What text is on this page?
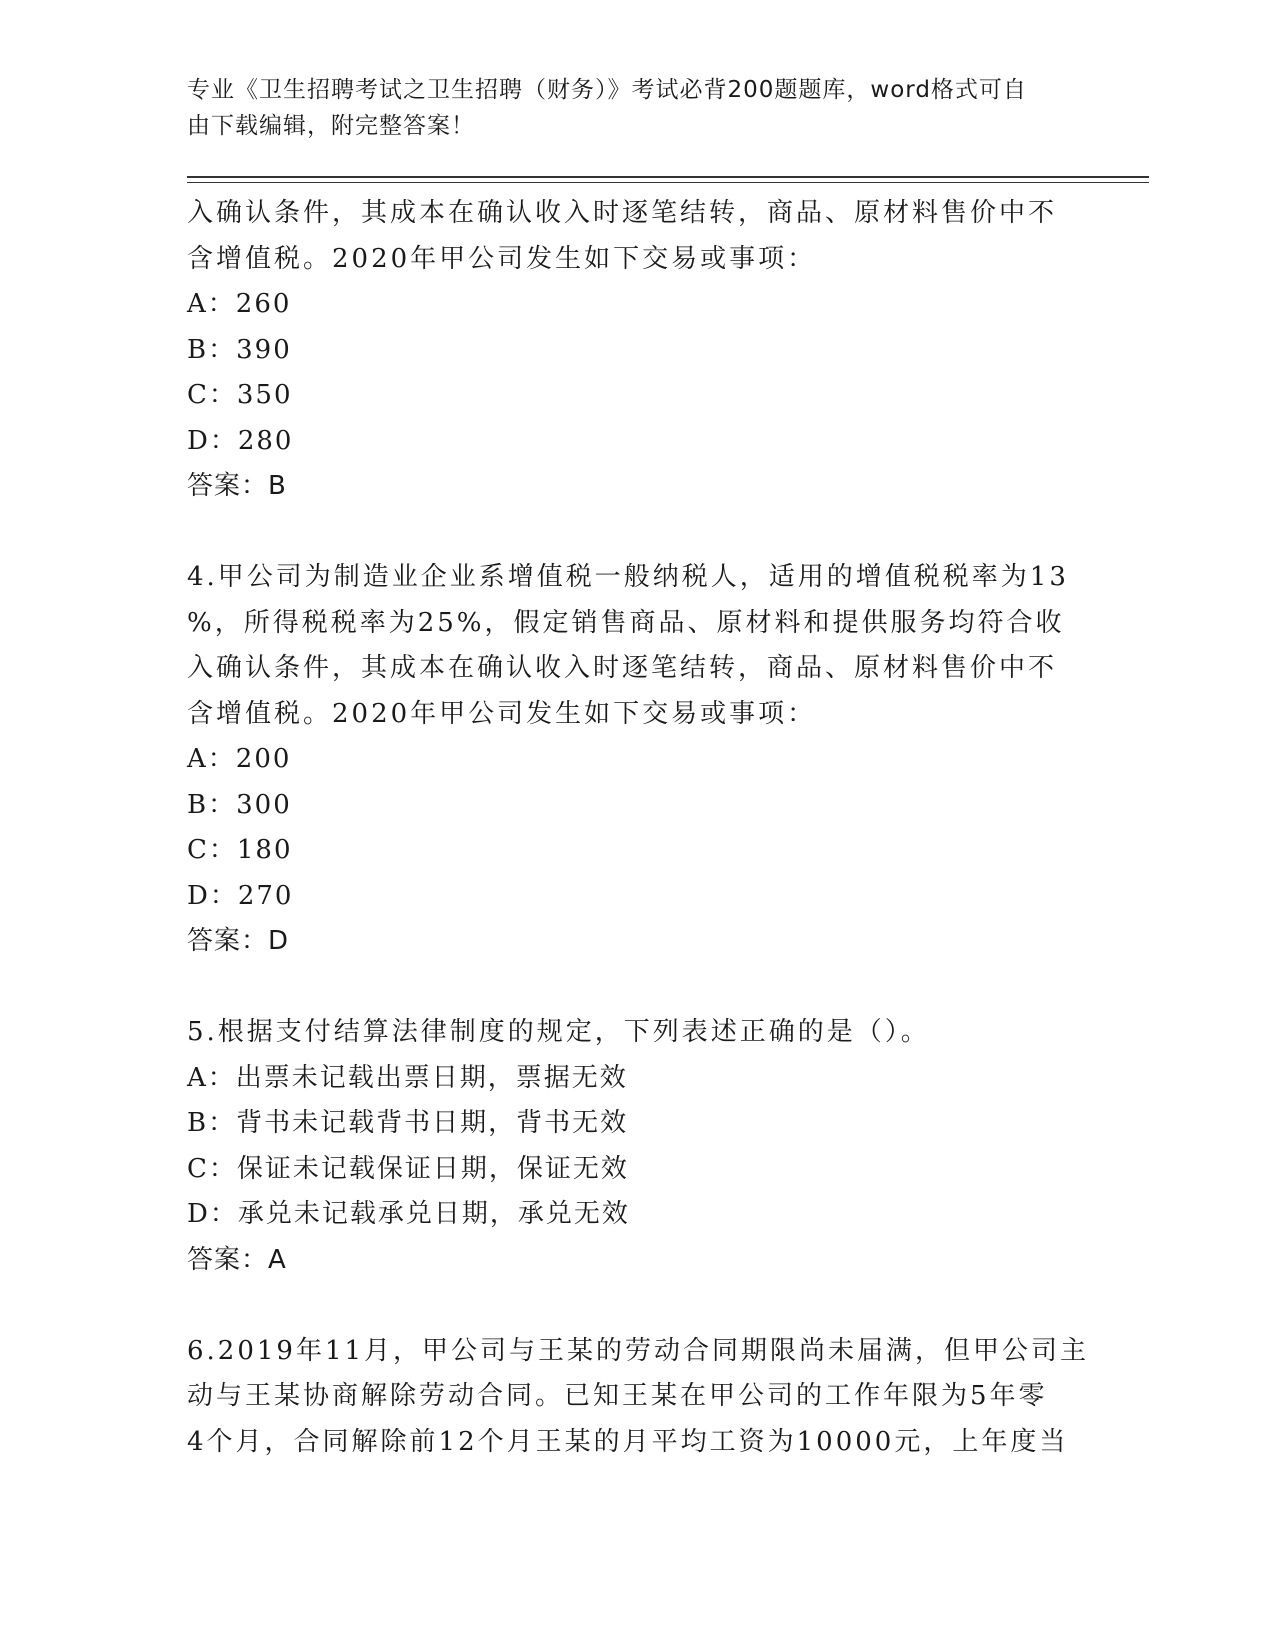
专业《卫生招聘考试之卫生招聘（财务）》考试必背200题题库，word格式可自
由下载编辑，附完整答案！
入确认条件，其成本在确认收入时逐笔结转，商品、原材料售价中不
含增值税。2020年甲公司发生如下交易或事项：
A：260
B：390
C：350
D：280
答案：B
4.甲公司为制造业企业系增值税一般纳税人，适用的增值税税率为13
%，所得税税率为25%，假定销售商品、原材料和提供服务均符合收
入确认条件，其成本在确认收入时逐笔结转，商品、原材料售价中不
含增值税。2020年甲公司发生如下交易或事项：
A：200
B：300
C：180
D：270
答案：D
5.根据支付结算法律制度的规定，下列表述正确的是（）。
A：出票未记载出票日期，票据无效
B：背书未记载背书日期，背书无效
C：保证未记载保证日期，保证无效
D：承兑未记载承兑日期，承兑无效
答案：A
6.2019年11月，甲公司与王某的劳动合同期限尚未届满，但甲公司主
动与王某协商解除劳动合同。已知王某在甲公司的工作年限为5年零
4个月，合同解除前12个月王某的月平均工资为10000元，上年度当
